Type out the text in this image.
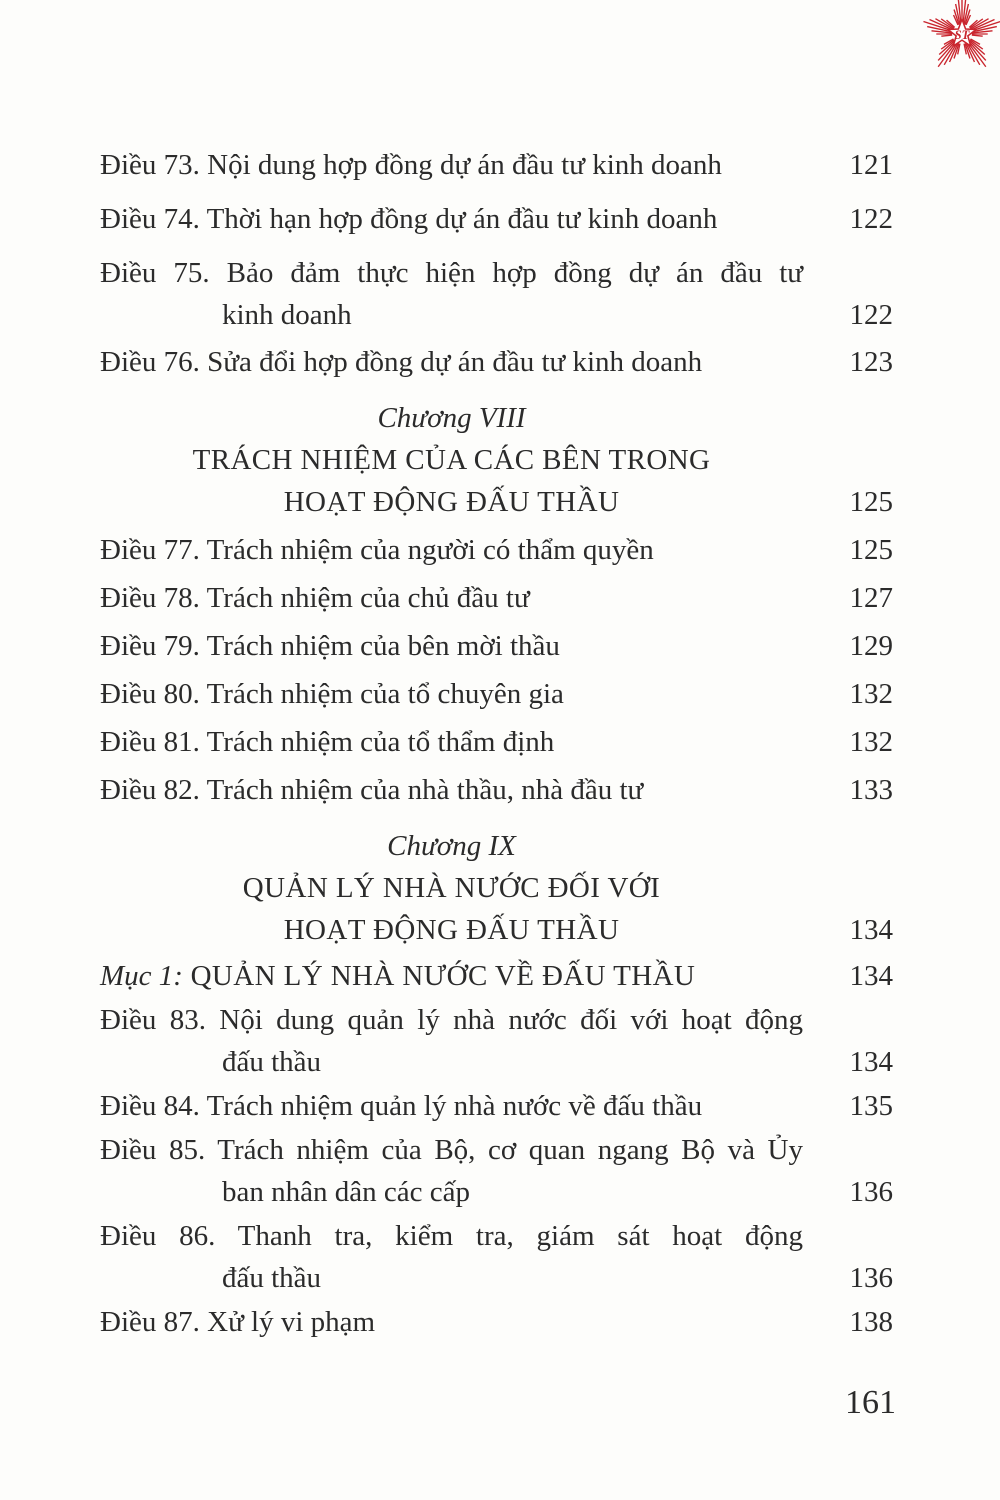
ST
Điều 73. Nội dung hợp đồng dự án đầu tư kinh doanh	121
Điều 74. Thời hạn hợp đồng dự án đầu tư kinh doanh	122
Điều 75. Bảo đảm thực hiện hợp đồng dự án đầu tư
kinh doanh	122
Điều 76. Sửa đổi hợp đồng dự án đầu tư kinh doanh	123
Chương VIII
TRÁCH NHIỆM CỦA CÁC BÊN TRONG
HOẠT ĐỘNG ĐẤU THẦU	125
Điều 77. Trách nhiệm của người có thẩm quyền	125
Điều 78. Trách nhiệm của chủ đầu tư	127
Điều 79. Trách nhiệm của bên mời thầu	129
Điều 80. Trách nhiệm của tổ chuyên gia	132
Điều 81. Trách nhiệm của tổ thẩm định	132
Điều 82. Trách nhiệm của nhà thầu, nhà đầu tư	133
Chương IX
QUẢN LÝ NHÀ NƯỚC ĐỐI VỚI
HOẠT ĐỘNG ĐẤU THẦU	134
Mục 1: QUẢN LÝ NHÀ NƯỚC VỀ ĐẤU THẦU	134
Điều 83. Nội dung quản lý nhà nước đối với hoạt động
đấu thầu	134
Điều 84. Trách nhiệm quản lý nhà nước về đấu thầu	135
Điều 85. Trách nhiệm của Bộ, cơ quan ngang Bộ và Ủy
ban nhân dân các cấp	136
Điều 86. Thanh tra, kiểm tra, giám sát hoạt động
đấu thầu	136
Điều 87. Xử lý vi phạm	138
161
